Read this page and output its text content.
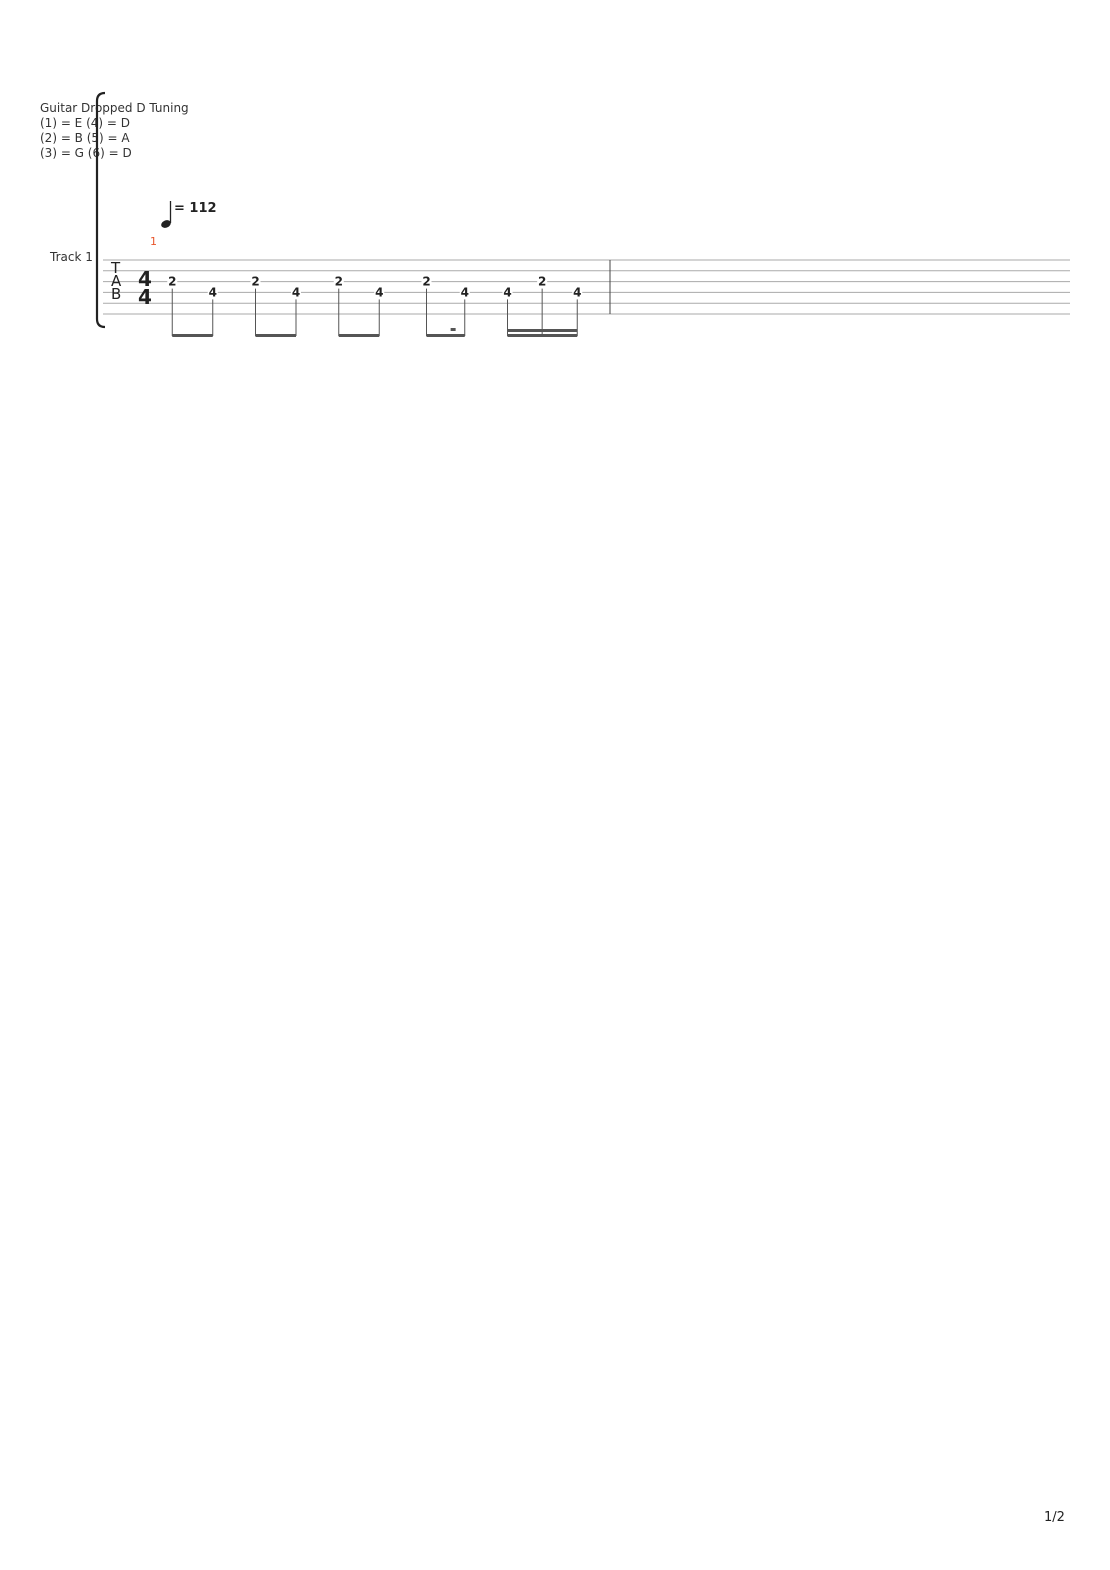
Guitar Dropped D Tuning
(1) = E (4) = D
(2) = B (5) = A
(3) = G (6) = D
= 112
Track 1
T
A
B
4
4
1
2
4
2
4
2
4
2
4	4
2
4
1/2
